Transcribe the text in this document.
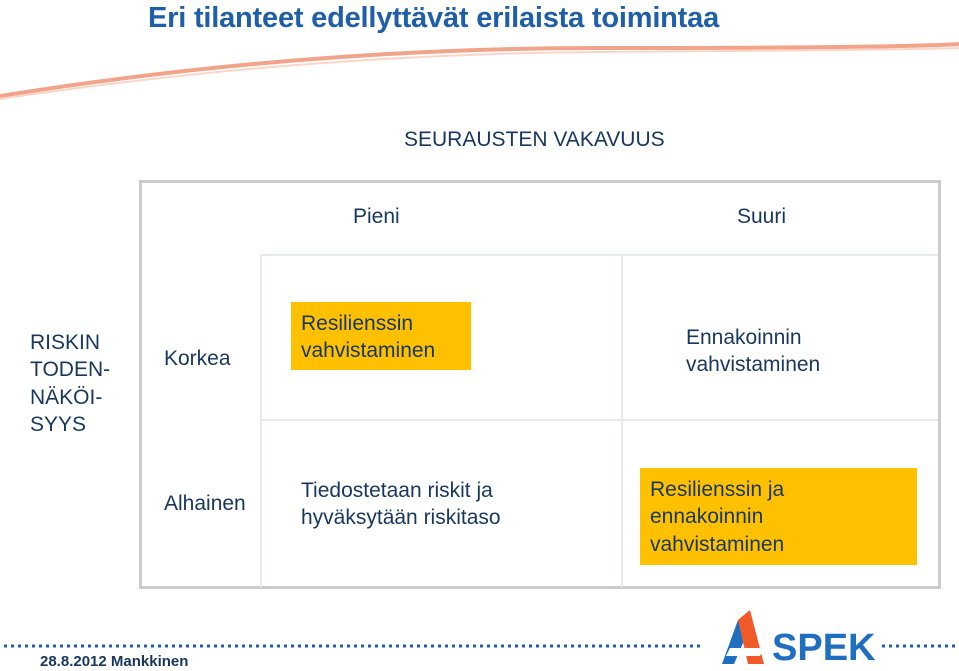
Eri tilanteet edellyttävät erilaista toimintaa
SEURAUSTEN VAKAVUUS
Pieni	Suuri
RISKIN
TODEN-
NÄKÖI-
SYYS
Korkea
Alhainen
Resilienssin
vahvistaminen
Ennakoinnin
vahvistaminen
Tiedostetaan riskit ja
hyväksytään riskitaso
Resilienssin ja
ennakoinnin
vahvistaminen
28.8.2012 Mankkinen	SPEK
